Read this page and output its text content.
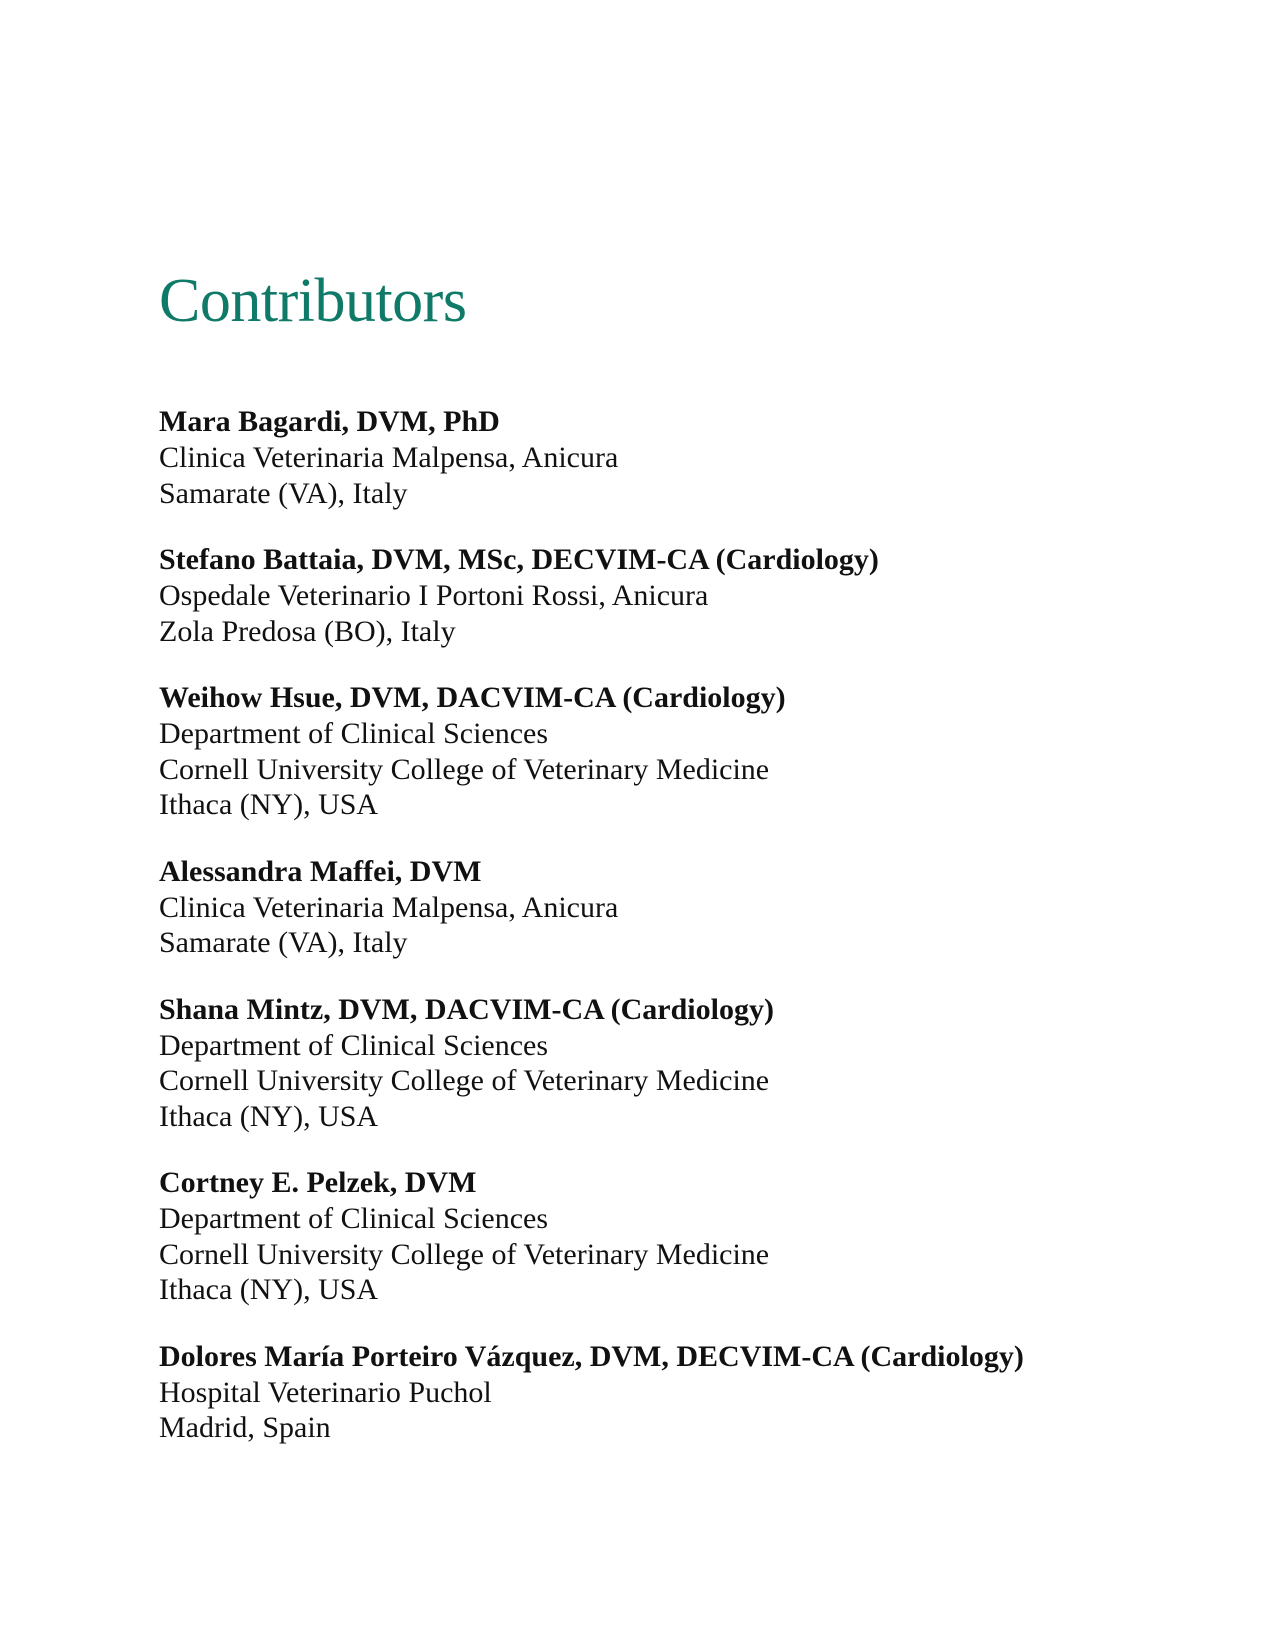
Contributors
Mara Bagardi, DVM, PhD
Clinica Veterinaria Malpensa, Anicura
Samarate (VA), Italy
Stefano Battaia, DVM, MSc, DECVIM-CA (Cardiology)
Ospedale Veterinario I Portoni Rossi, Anicura
Zola Predosa (BO), Italy
Weihow Hsue, DVM, DACVIM-CA (Cardiology)
Department of Clinical Sciences
Cornell University College of Veterinary Medicine
Ithaca (NY), USA
Alessandra Maffei, DVM
Clinica Veterinaria Malpensa, Anicura
Samarate (VA), Italy
Shana Mintz, DVM, DACVIM-CA (Cardiology)
Department of Clinical Sciences
Cornell University College of Veterinary Medicine
Ithaca (NY), USA
Cortney E. Pelzek, DVM
Department of Clinical Sciences
Cornell University College of Veterinary Medicine
Ithaca (NY), USA
Dolores María Porteiro Vázquez, DVM, DECVIM-CA (Cardiology)
Hospital Veterinario Puchol
Madrid, Spain
